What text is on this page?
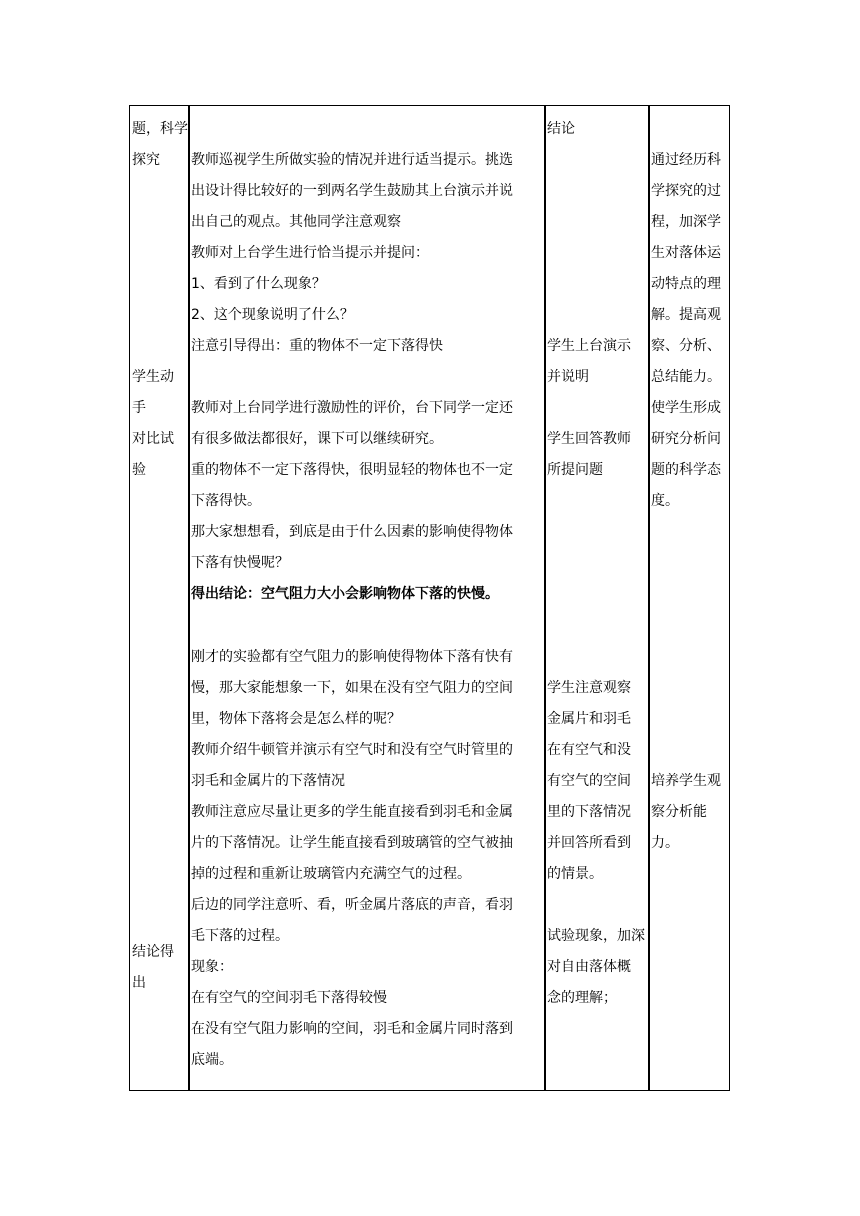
题，科学
探究
学生动
手
对比试
验
结论得
出
教师巡视学生所做实验的情况并进行适当提示。挑选
出设计得比较好的一到两名学生鼓励其上台演示并说
出自己的观点。其他同学注意观察
教师对上台学生进行恰当提示并提问：
1、看到了什么现象？
2、这个现象说明了什么？
注意引导得出：重的物体不一定下落得快
教师对上台同学进行激励性的评价，台下同学一定还
有很多做法都很好，课下可以继续研究。
重的物体不一定下落得快，很明显轻的物体也不一定
下落得快。
那大家想想看，到底是由于什么因素的影响使得物体
下落有快慢呢？
得出结论：空气阻力大小会影响物体下落的快慢。
刚才的实验都有空气阻力的影响使得物体下落有快有
慢，那大家能想象一下，如果在没有空气阻力的空间
里，物体下落将会是怎么样的呢？
教师介绍牛顿管并演示有空气时和没有空气时管里的
羽毛和金属片的下落情况
教师注意应尽量让更多的学生能直接看到羽毛和金属
片的下落情况。让学生能直接看到玻璃管的空气被抽
掉的过程和重新让玻璃管内充满空气的过程。
后边的同学注意听、看，听金属片落底的声音，看羽
毛下落的过程。
现象：
在有空气的空间羽毛下落得较慢
在没有空气阻力影响的空间，羽毛和金属片同时落到
底端。
结论
学生上台演示
并说明
学生回答教师
所提问题
学生注意观察
金属片和羽毛
在有空气和没
有空气的空间
里的下落情况
并回答所看到
的情景。
试验现象，加深
对自由落体概
念的理解；
通过经历科
学探究的过
程，加深学
生对落体运
动特点的理
解。提高观
察、分析、
总结能力。
使学生形成
研究分析问
题的科学态
度。
培养学生观
察分析能
力。
